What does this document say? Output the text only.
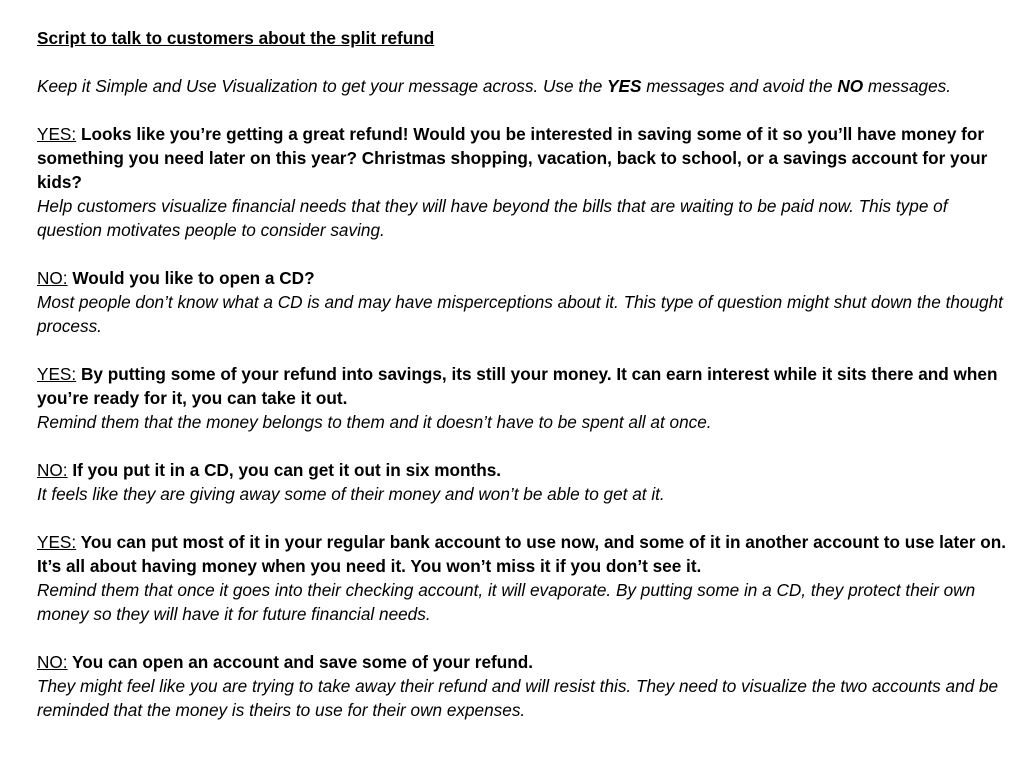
Script to talk to customers about the split refund

Keep it Simple and Use Visualization to get your message across. Use the YES messages and avoid the NO messages.

YES: Looks like you’re getting a great refund! Would you be interested in saving some of it so you’ll have money for something you need later on this year? Christmas shopping, vacation, back to school, or a savings account for your kids?

Help customers visualize financial needs that they will have beyond the bills that are waiting to be paid now. This type of question motivates people to consider saving.

NO: Would you like to open a CD?

Most people don’t know what a CD is and may have misperceptions about it. This type of question might shut down the thought process.

YES: By putting some of your refund into savings, its still your money. It can earn interest while it sits there and when you’re ready for it, you can take it out.

Remind them that the money belongs to them and it doesn’t have to be spent all at once.

NO: If you put it in a CD, you can get it out in six months.

It feels like they are giving away some of their money and won’t be able to get at it.

YES: You can put most of it in your regular bank account to use now, and some of it in another account to use later on. It’s all about having money when you need it. You won’t miss it if you don’t see it.

Remind them that once it goes into their checking account, it will evaporate. By putting some in a CD, they protect their own money so they will have it for future financial needs.

NO: You can open an account and save some of your refund.

They might feel like you are trying to take away their refund and will resist this. They need to visualize the two accounts and be reminded that the money is theirs to use for their own expenses.
